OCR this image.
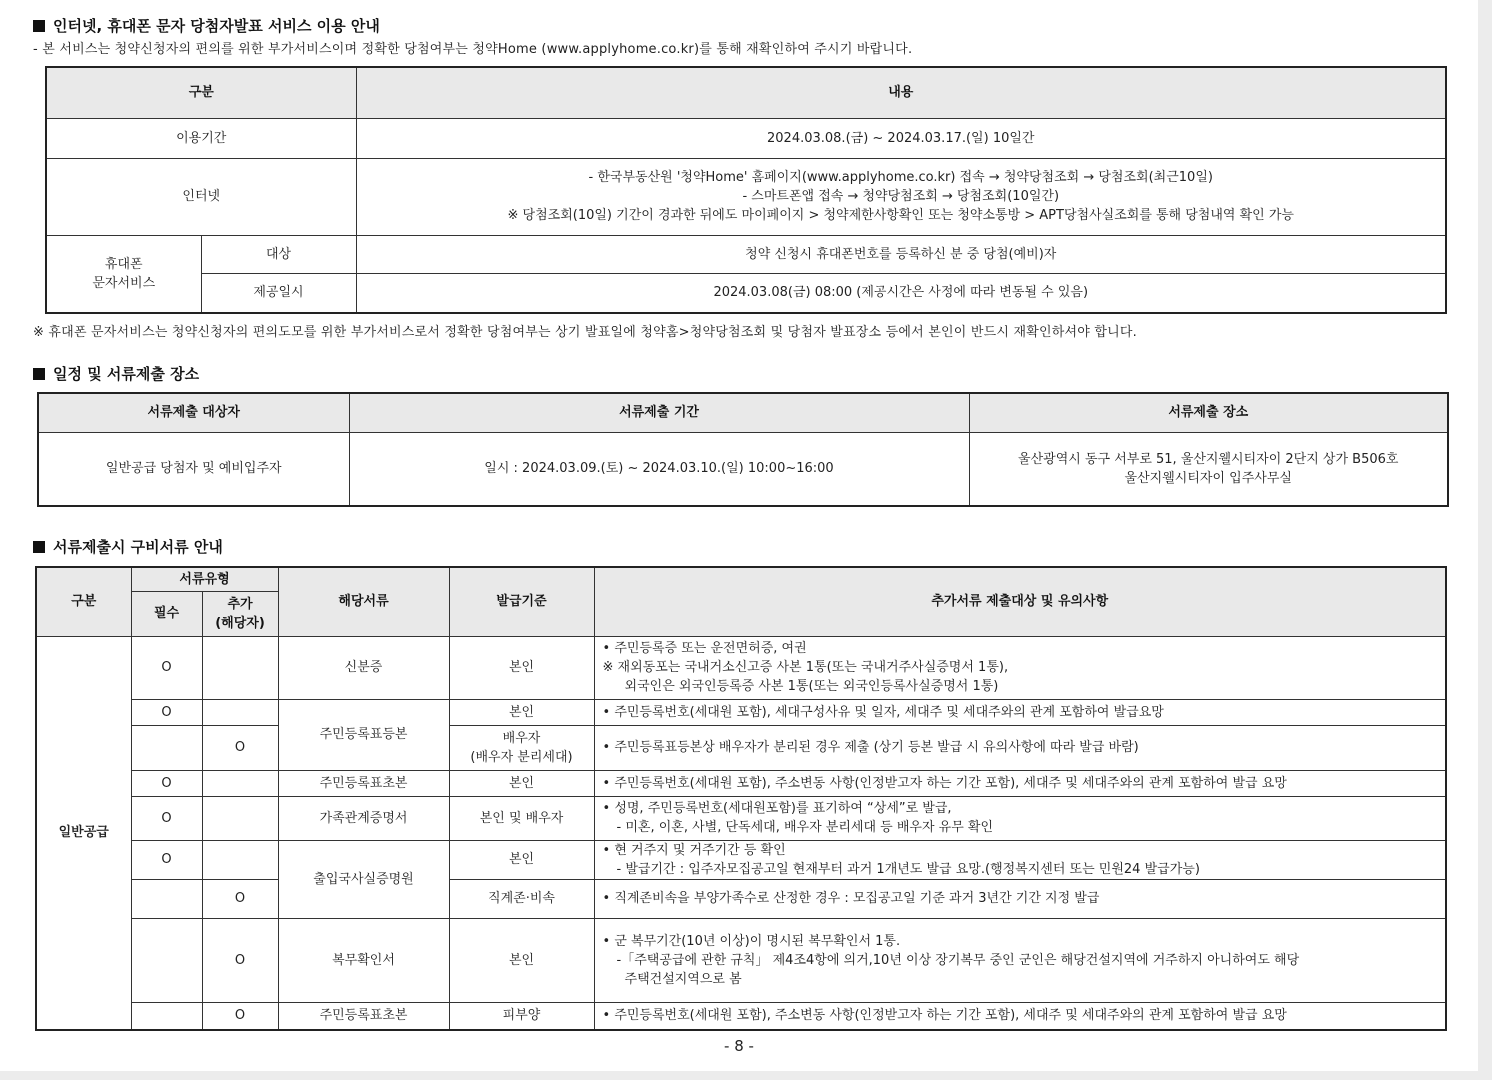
인터넷, 휴대폰 문자 당첨자발표 서비스 이용 안내
- 본 서비스는 청약신청자의 편의를 위한 부가서비스이며 정확한 당첨여부는 청약Home (www.applyhome.co.kr)를 통해 재확인하여 주시기 바랍니다.
구분		내용
이용기간		2024.03.08.(금) ~ 2024.03.17.(일) 10일간
인터넷		- 한국부동산원 '청약Home' 홈페이지(www.applyhome.co.kr) 접속 → 청약당첨조회 → 당첨조회(최근10일)
- 스마트폰앱 접속 → 청약당첨조회 → 당첨조회(10일간)
※ 당첨조회(10일) 기간이 경과한 뒤에도 마이페이지 > 청약제한사항확인 또는 청약소통방 > APT당첨사실조회를 통해 당첨내역 확인 가능

휴대폰
문자서비스	대상	청약 신청시 휴대폰번호를 등록하신 분 중 당첨(예비)자
	제공일시	2024.03.08(금) 08:00 (제공시간은 사정에 따라 변동될 수 있음)
※ 휴대폰 문자서비스는 청약신청자의 편의도모를 위한 부가서비스로서 정확한 당첨여부는 상기 발표일에 청약홈>청약당첨조회 및 당첨자 발표장소 등에서 본인이 반드시 재확인하셔야 합니다.
일정 및 서류제출 장소
서류제출 대상자	서류제출 기간	서류제출 장소
일반공급 당첨자 및 예비입주자	일시 : 2024.03.09.(토) ~ 2024.03.10.(일) 10:00~16:00	울산광역시 동구 서부로 51, 울산지웰시티자이 2단지 상가 B506호
울산지웰시티자이 입주사무실
서류제출시 구비서류 안내
구분	서류유형		해당서류	발급기준	추가서류 제출대상 및 유의사항
	필수	추가
(해당자)			

일반공급	O		신분증	본인	• 주민등록증 또는 운전면허증, 여권
※ 재외동포는 국내거소신고증 사본 1통(또는 국내거주사실증명서 1통),
외국인은 외국인등록증 사본 1통(또는 외국인등록사실증명서 1통)

	O		주민등록표등본	본인	• 주민등록번호(세대원 포함), 세대구성사유 및 일자, 세대주 및 세대주와의 관계 포함하여 발급요망
		O		배우자
(배우자 분리세대)	• 주민등록표등본상 배우자가 분리된 경우 제출 (상기 등본 발급 시 유의사항에 따라 발급 바람)
	O		주민등록표초본	본인	• 주민등록번호(세대원 포함), 주소변동 사항(인정받고자 하는 기간 포함), 세대주 및 세대주와의 관계 포함하여 발급 요망
	O		가족관계증명서	본인 및 배우자	• 성명, 주민등록번호(세대원포함)를 표기하여 “상세”로 발급,
- 미혼, 이혼, 사별, 단독세대, 배우자 분리세대 등 배우자 유무 확인

	O		출입국사실증명원	본인	• 현 거주지 및 거주기간 등 확인
- 발급기간 : 입주자모집공고일 현재부터 과거 1개년도 발급 요망.(행정복지센터 또는 민원24 발급가능)

		O		직계존·비속	• 직계존비속을 부양가족수로 산정한 경우 : 모집공고일 기준 과거 3년간 기간 지정 발급
		O	복무확인서	본인	• 군 복무기간(10년 이상)이 명시된 복무확인서 1통.
-「주택공급에 관한 규칙」 제4조4항에 의거,10년 이상 장기복무 중인 군인은 해당건설지역에 거주하지 아니하여도 해당
주택건설지역으로 봄

		O	주민등록표초본	피부양	• 주민등록번호(세대원 포함), 주소변동 사항(인정받고자 하는 기간 포함), 세대주 및 세대주와의 관계 포함하여 발급 요망
- 8 -
